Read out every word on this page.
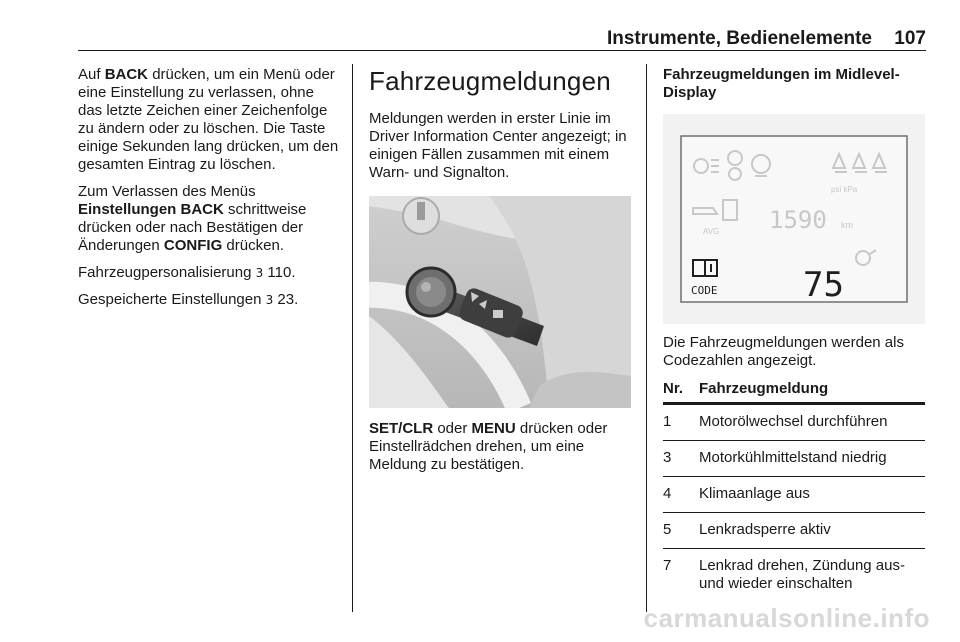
Instrumente, Bedienelemente 107

Auf BACK drücken, um ein Menü oder eine Einstellung zu verlassen, ohne das letzte Zeichen einer Zeichenfolge zu ändern oder zu löschen. Die Taste einige Sekunden lang drücken, um den gesamten Eintrag zu löschen.

Zum Verlassen des Menüs Einstellungen BACK schrittweise drücken oder nach Bestätigen der Änderungen CONFIG drücken.

Fahrzeugpersonalisierung 3 110.

Gespeicherte Einstellungen 3 23.

Fahrzeugmeldungen

Meldungen werden in erster Linie im Driver Information Center angezeigt; in einigen Fällen zusammen mit einem Warn- und Signalton.

SET/CLR oder MENU drücken oder Einstellrädchen drehen, um eine Meldung zu bestätigen.

Fahrzeugmeldungen im Midlevel-Display
psi kPa
AVG 1590 km
CODE	75

Die Fahrzeugmeldungen werden als Codezahlen angezeigt.

Nr.	Fahrzeugmeldung
1	Motorölwechsel durchführen
3	Motorkühlmittelstand niedrig
4	Klimaanlage aus
5	Lenkradsperre aktiv
7	Lenkrad drehen, Zündung aus- und wieder einschalten
carmanualsonline.info
